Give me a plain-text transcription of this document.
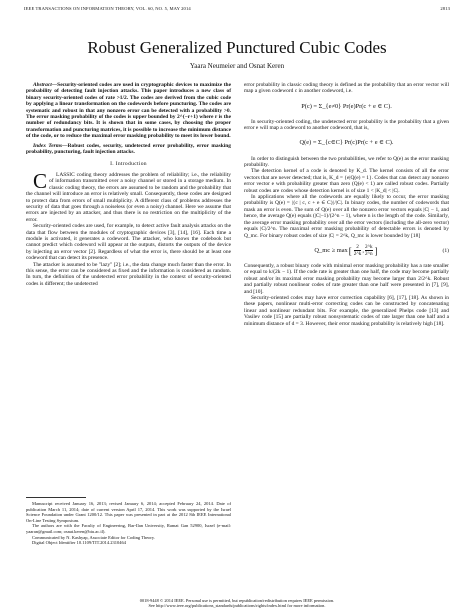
IEEE TRANSACTIONS ON INFORMATION THEORY, VOL. 60, NO. 5, MAY 2014	2813
Robust Generalized Punctured Cubic Codes
Yaara Neumeier and Osnat Keren

Abstract—Security-oriented codes are used in cryptographic devices to maximize the probability of detecting fault injection attacks. This paper introduces a new class of binary security-oriented codes of rate >1/2. The codes are derived from the cubic code by applying a linear transformation on the codewords before puncturing. The codes are systematic and robust in that any nonzero error can be detected with a probability >0. The error masking probability of the codes is upper bounded by 2^(−r+1) where r is the number of redundancy bits. It is shown that in some cases, by choosing the proper transformation and puncturing matrices, it is possible to increase the minimum distance of the code, or to reduce the maximal error masking probability to meet its lower bound.

Index Terms—Robust codes, security, undetected error probability, error masking probability, puncturing, fault injection attacks.

I. Introduction

C LASSIC coding theory addresses the problem of reliability; i.e., the reliability of information transmitted over a noisy channel or stored in a storage medium. In classic coding theory, the errors are assumed to be random and the probability that the channel will introduce an error is relatively small. Consequently, these codes are designed to protect data from errors of small multiplicity. A different class of problems addresses the security of data that goes through a noiseless (or even a noisy) channel. Here we assume that errors are injected by an attacker, and thus there is no restriction on the multiplicity of the error.

Security-oriented codes are used, for example, to detect active fault analysis attacks on the data that flow between the modules of cryptographic devices [3], [14], [16]. Each time a module is activated, it generates a codeword. The attacker, who knows the codebook but cannot predict which codeword will appear at the outputs, distorts the outputs of the device by injecting an error vector [2]. Regardless of what the error is, there should be at least one codeword that can detect its presence.

The attacker is assumed to be "lazy" [2]; i.e., the data change much faster than the error. In this sense, the error can be considered as fixed and the information is considered as random. In turn, the definition of the undetected error probability in the context of security-oriented codes is different; the undetected

Manuscript received January 16, 2013; revised January 6, 2014; accepted February 24, 2014. Date of publication March 11, 2014; date of current version April 17, 2014. This work was supported by the Israel Science Foundation under Grant 1200/12. This paper was presented in part at the 2012 8th IEEE International On-Line Testing Symposium.

The authors are with the Faculty of Engineering, Bar-Ilan University, Ramat Gan 52900, Israel (e-mail: yaaran@gmail.com; osnat.keren@biu.ac.il).

Communicated by N. Kashyap, Associate Editor for Coding Theory.

Digital Object Identifier 10.1109/TIT.2014.2310464

error probability in classic coding theory is defined as the probability that an error vector will map a given codeword c in another codeword, i.e.

P(c) = Σ_{e≠0} Pr(e)Pr(c + e ∈ C).

In security-oriented coding, the undetected error probability is the probability that a given error e will map a codeword to another codeword, that is,

Q(e) = Σ_{c∈C} Pr(c)Pr(c + e ∈ C).

In order to distinguish between the two probabilities, we refer to Q(e) as the error masking probability.

The detection kernel of a code is denoted by K_d. The kernel consists of all the error vectors that are never detected; that is, K_d = {e|Q(e) = 1}. Codes that can detect any nonzero error vector e with probability greater than zero (Q(e) < 1) are called robust codes. Partially robust codes are codes whose detection kernel is of size 1 < |K_d| < |C|.

In applications where all the codewords are equally likely to occur, the error masking probability is Q(e) = |{c | c, c + e ∈ C}|/|C|. In binary codes, the number of codewords that mask an error is even. The sum of Q(e) over all the nonzero error vectors equals |C| − 1, and hence, the average Q(e) equals (|C|−1)/(2^n − 1), where n is the length of the code. Similarly, the average error masking probability over all the error vectors (including the all-zero vector) equals |C|/2^n. The maximal error masking probability of detectable errors is denoted by Q_mc. For binary robust codes of size |C| = 2^k, Q_mc is lower bounded by [18]

Q_mc ≥ max [ $\frac{2}{2\^{}k}$ , $\frac{2\^{}k}{2\^{}n}$ ]	(1)

Consequently, a robust binary code with minimal error masking probability has a rate smaller or equal to k/(2k − 1). If the code rate is greater than one half, the code may become partially robust and/or its maximal error masking probability may become larger than 2/2^k. Robust and partially robust nonlinear codes of rate greater than one half were presented in [7], [9], and [10].

Security-oriented codes may have error correction capability [6], [17], [18]. As shown in these papers, nonlinear multi-error correcting codes can be constructed by concatenating linear and nonlinear redundant bits. For example, the generalized Phelps code [13] and Vasilev code [15] are partially robust nonsystematic codes of rate larger than one half and a minimum distance of d = 3. However, their error masking probability is relatively high [18].

0018-9448 © 2014 IEEE. Personal use is permitted, but republication/redistribution requires IEEE permission.
See http://www.ieee.org/publications_standards/publications/rights/index.html for more information.
